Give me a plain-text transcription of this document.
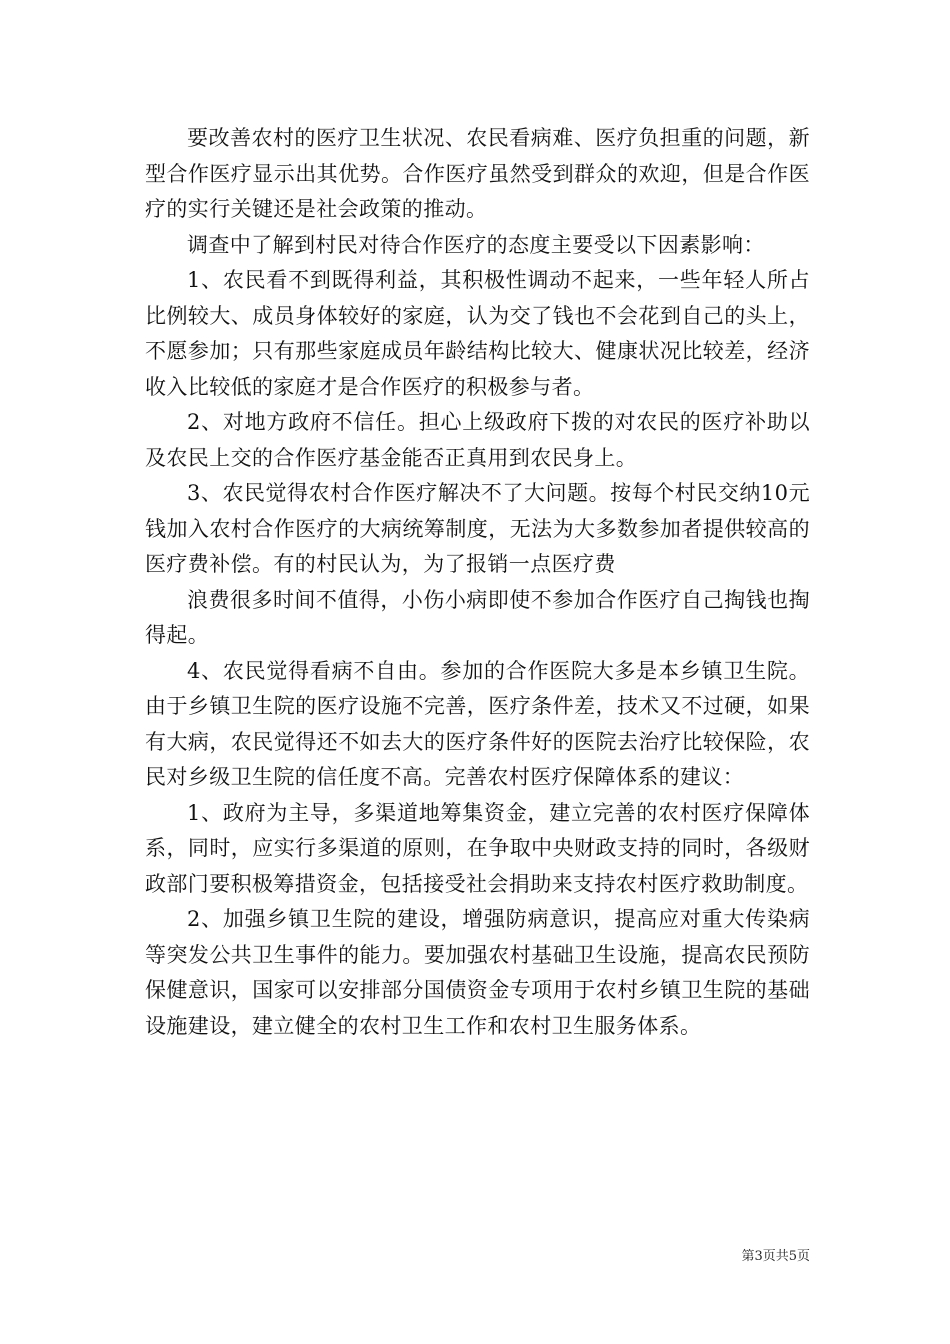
要改善农村的医疗卫生状况、农民看病难、医疗负担重的问题，新型合作医疗显示出其优势。合作医疗虽然受到群众的欢迎，但是合作医疗的实行关键还是社会政策的推动。

调查中了解到村民对待合作医疗的态度主要受以下因素影响：

1、农民看不到既得利益，其积极性调动不起来，一些年轻人所占比例较大、成员身体较好的家庭，认为交了钱也不会花到自己的头上，不愿参加；只有那些家庭成员年龄结构比较大、健康状况比较差，经济收入比较低的家庭才是合作医疗的积极参与者。

2、对地方政府不信任。担心上级政府下拨的对农民的医疗补助以及农民上交的合作医疗基金能否正真用到农民身上。

3、农民觉得农村合作医疗解决不了大问题。按每个村民交纳10元钱加入农村合作医疗的大病统筹制度，无法为大多数参加者提供较高的医疗费补偿。有的村民认为，为了报销一点医疗费

浪费很多时间不值得，小伤小病即使不参加合作医疗自己掏钱也掏得起。

4、农民觉得看病不自由。参加的合作医院大多是本乡镇卫生院。由于乡镇卫生院的医疗设施不完善，医疗条件差，技术又不过硬，如果有大病，农民觉得还不如去大的医疗条件好的医院去治疗比较保险，农民对乡级卫生院的信任度不高。完善农村医疗保障体系的建议：

1、政府为主导，多渠道地筹集资金，建立完善的农村医疗保障体系，同时，应实行多渠道的原则，在争取中央财政支持的同时，各级财政部门要积极筹措资金，包括接受社会捐助来支持农村医疗救助制度。

2、加强乡镇卫生院的建设，增强防病意识，提高应对重大传染病等突发公共卫生事件的能力。要加强农村基础卫生设施，提高农民预防保健意识，国家可以安排部分国债资金专项用于农村乡镇卫生院的基础设施建设，建立健全的农村卫生工作和农村卫生服务体系。

第3页共5页
